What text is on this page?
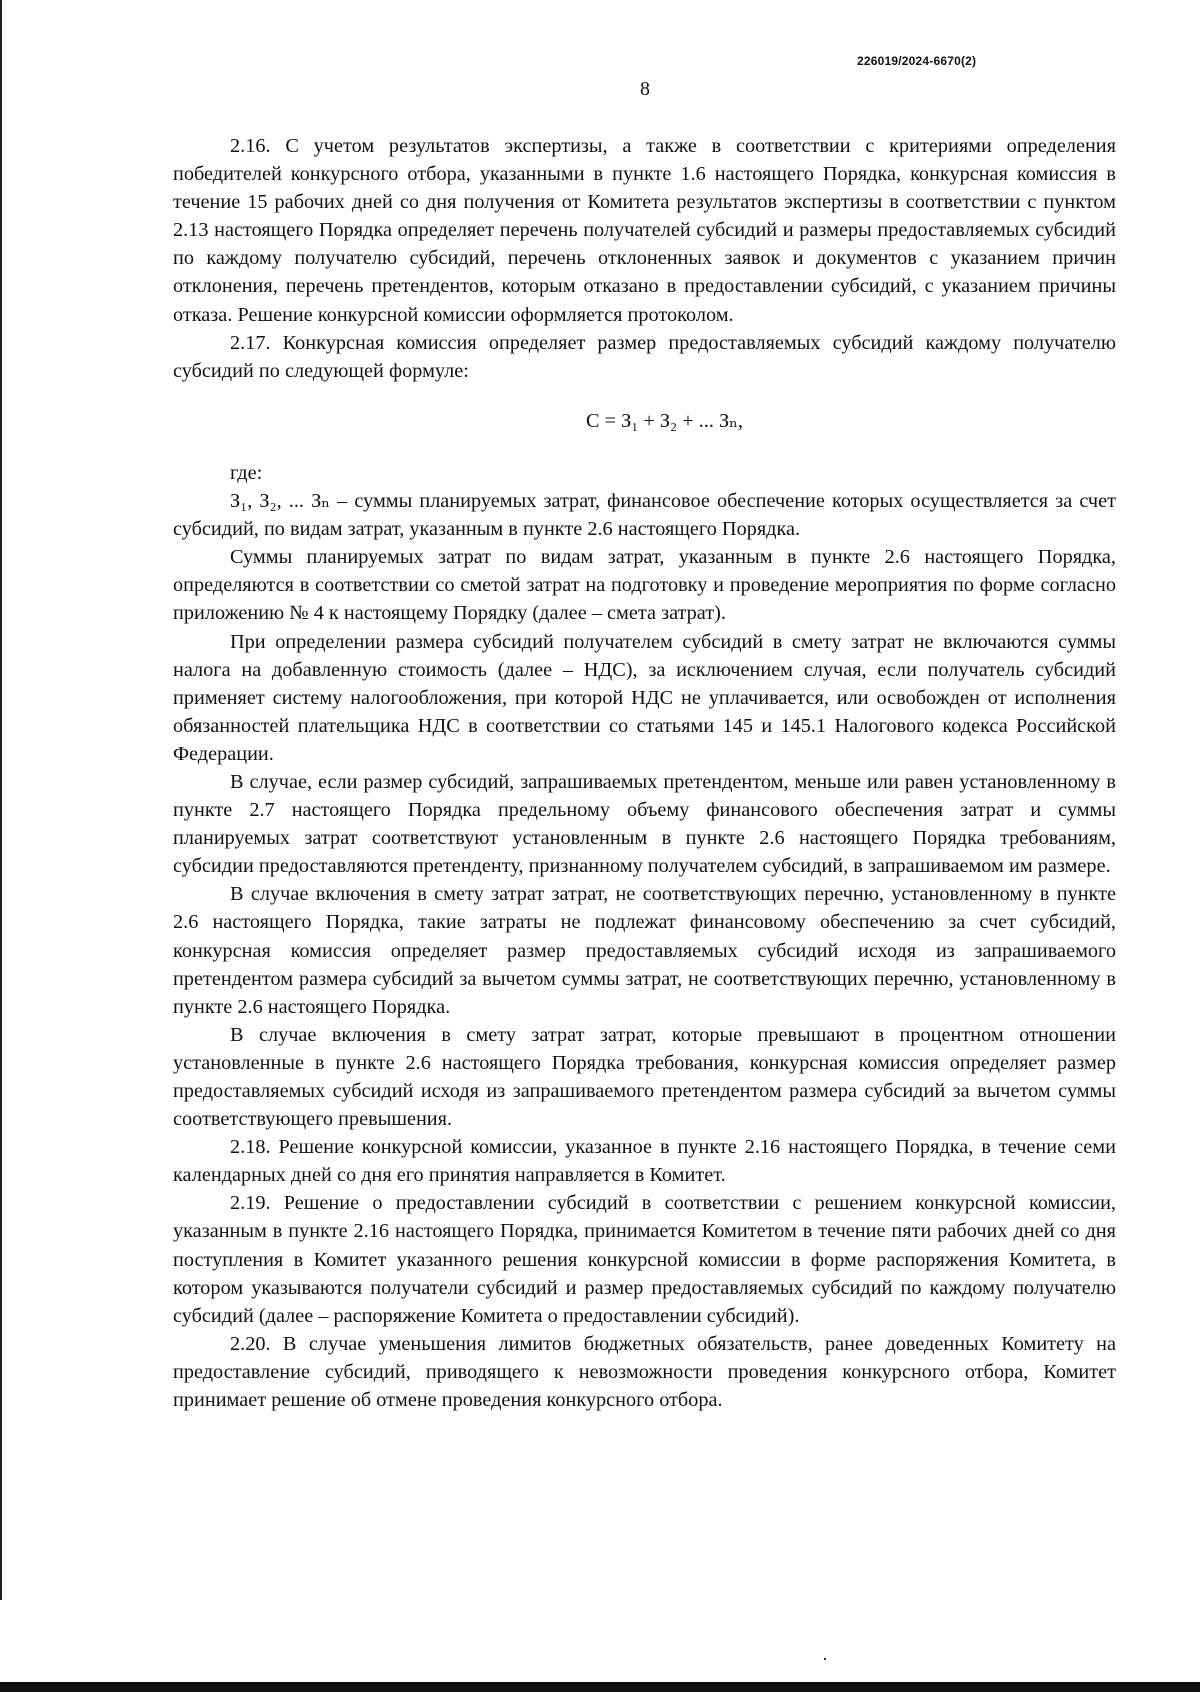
226019/2024-6670(2)
8

2.16. С учетом результатов экспертизы, а также в соответствии с критериями определения победителей конкурсного отбора, указанными в пункте 1.6 настоящего Порядка, конкурсная комиссия в течение 15 рабочих дней со дня получения от Комитета результатов экспертизы в соответствии с пунктом 2.13 настоящего Порядка определяет перечень получателей субсидий и размеры предоставляемых субсидий по каждому получателю субсидий, перечень отклоненных заявок и документов с указанием причин отклонения, перечень претендентов, которым отказано в предоставлении субсидий, с указанием причины отказа. Решение конкурсной комиссии оформляется протоколом.

2.17. Конкурсная комиссия определяет размер предоставляемых субсидий каждому получателю субсидий по следующей формуле:

С = З₁ + З₂ + ... Зₙ,

где:

З₁, З₂, ... Зₙ – суммы планируемых затрат, финансовое обеспечение которых осуществляется за счет субсидий, по видам затрат, указанным в пункте 2.6 настоящего Порядка.

Суммы планируемых затрат по видам затрат, указанным в пункте 2.6 настоящего Порядка, определяются в соответствии со сметой затрат на подготовку и проведение мероприятия по форме согласно приложению № 4 к настоящему Порядку (далее – смета затрат).

При определении размера субсидий получателем субсидий в смету затрат не включаются суммы налога на добавленную стоимость (далее – НДС), за исключением случая, если получатель субсидий применяет систему налогообложения, при которой НДС не уплачивается, или освобожден от исполнения обязанностей плательщика НДС в соответствии со статьями 145 и 145.1 Налогового кодекса Российской Федерации.

В случае, если размер субсидий, запрашиваемых претендентом, меньше или равен установленному в пункте 2.7 настоящего Порядка предельному объему финансового обеспечения затрат и суммы планируемых затрат соответствуют установленным в пункте 2.6 настоящего Порядка требованиям, субсидии предоставляются претенденту, признанному получателем субсидий, в запрашиваемом им размере.

В случае включения в смету затрат затрат, не соответствующих перечню, установленному в пункте 2.6 настоящего Порядка, такие затраты не подлежат финансовому обеспечению за счет субсидий, конкурсная комиссия определяет размер предоставляемых субсидий исходя из запрашиваемого претендентом размера субсидий за вычетом суммы затрат, не соответствующих перечню, установленному в пункте 2.6 настоящего Порядка.

В случае включения в смету затрат затрат, которые превышают в процентном отношении установленные в пункте 2.6 настоящего Порядка требования, конкурсная комиссия определяет размер предоставляемых субсидий исходя из запрашиваемого претендентом размера субсидий за вычетом суммы соответствующего превышения.

2.18. Решение конкурсной комиссии, указанное в пункте 2.16 настоящего Порядка, в течение семи календарных дней со дня его принятия направляется в Комитет.

2.19. Решение о предоставлении субсидий в соответствии с решением конкурсной комиссии, указанным в пункте 2.16 настоящего Порядка, принимается Комитетом в течение пяти рабочих дней со дня поступления в Комитет указанного решения конкурсной комиссии в форме распоряжения Комитета, в котором указываются получатели субсидий и размер предоставляемых субсидий по каждому получателю субсидий (далее – распоряжение Комитета о предоставлении субсидий).

2.20. В случае уменьшения лимитов бюджетных обязательств, ранее доведенных Комитету на предоставление субсидий, приводящего к невозможности проведения конкурсного отбора, Комитет принимает решение об отмене проведения конкурсного отбора.
